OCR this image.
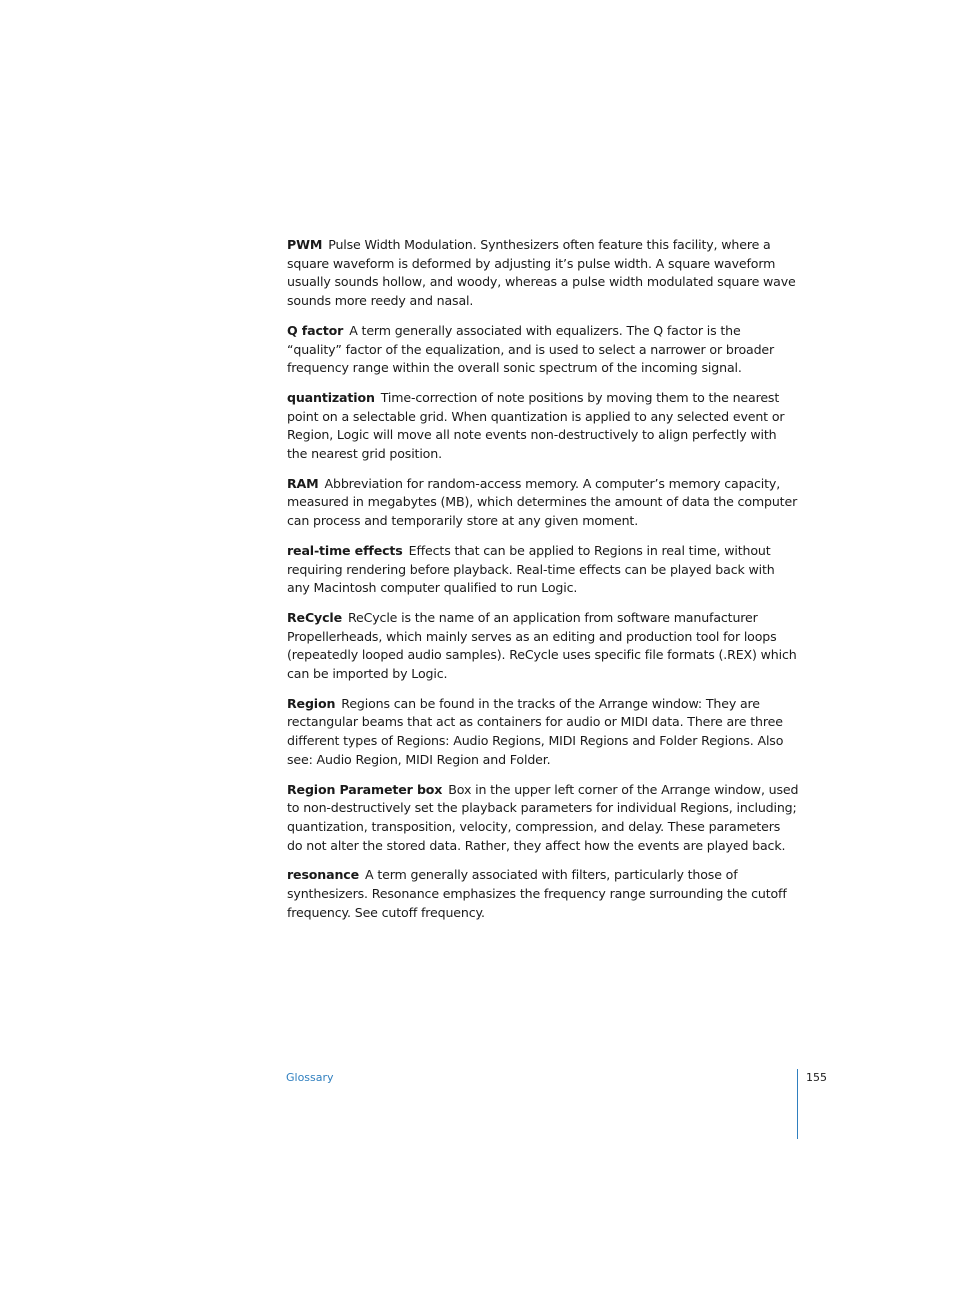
PWM Pulse Width Modulation. Synthesizers often feature this facility, where a square waveform is deformed by adjusting it’s pulse width. A square waveform usually sounds hollow, and woody, whereas a pulse width modulated square wave sounds more reedy and nasal.

Q factor A term generally associated with equalizers. The Q factor is the “quality” factor of the equalization, and is used to select a narrower or broader frequency range within the overall sonic spectrum of the incoming signal.

quantization Time-correction of note positions by moving them to the nearest point on a selectable grid. When quantization is applied to any selected event or Region, Logic will move all note events non-destructively to align perfectly with the nearest grid position.

RAM Abbreviation for random-access memory. A computer’s memory capacity, measured in megabytes (MB), which determines the amount of data the computer can process and temporarily store at any given moment.

real-time effects Effects that can be applied to Regions in real time, without requiring rendering before playback. Real-time effects can be played back with any Macintosh computer qualified to run Logic.

ReCycle ReCycle is the name of an application from software manufacturer Propellerheads, which mainly serves as an editing and production tool for loops (repeatedly looped audio samples). ReCycle uses specific file formats (.REX) which can be imported by Logic.

Region Regions can be found in the tracks of the Arrange window: They are rectangular beams that act as containers for audio or MIDI data. There are three different types of Regions: Audio Regions, MIDI Regions and Folder Regions. Also see: Audio Region, MIDI Region and Folder.

Region Parameter box Box in the upper left corner of the Arrange window, used to non-destructively set the playback parameters for individual Regions, including; quantization, transposition, velocity, compression, and delay. These parameters do not alter the stored data. Rather, they affect how the events are played back.

resonance A term generally associated with filters, particularly those of synthesizers. Resonance emphasizes the frequency range surrounding the cutoff frequency. See cutoff frequency.

Glossary	155
